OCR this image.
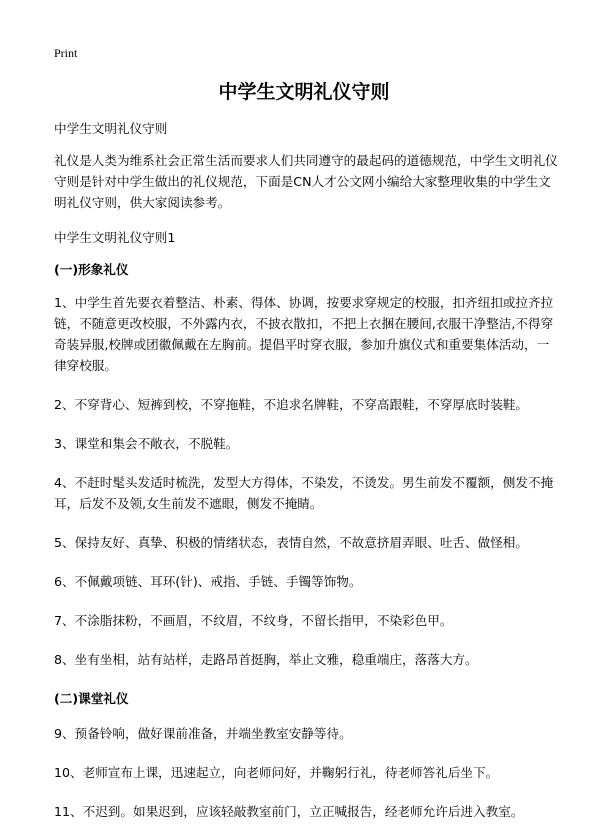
Print
中学生文明礼仪守则

中学生文明礼仪守则

礼仪是人类为维系社会正常生活而要求人们共同遵守的最起码的道德规范，中学生文明礼仪守则是针对中学生做出的礼仪规范，下面是CN人才公文网小编给大家整理收集的中学生文明礼仪守则，供大家阅读参考。

中学生文明礼仪守则1

(一)形象礼仪

1、中学生首先要衣着整洁、朴素、得体、协调，按要求穿规定的校服，扣齐纽扣或拉齐拉链，不随意更改校服，不外露内衣，不披衣散扣，不把上衣捆在腰间,衣服干净整洁,不得穿奇装异服,校牌或团徽佩戴在左胸前。提倡平时穿衣服，参加升旗仪式和重要集体活动，一律穿校服。

2、不穿背心、短裤到校，不穿拖鞋，不追求名牌鞋，不穿高跟鞋，不穿厚底时装鞋。

3、课堂和集会不敞衣，不脱鞋。

4、不赶时髦头发适时梳洗，发型大方得体，不染发，不烫发。男生前发不覆额，侧发不掩耳，后发不及领,女生前发不遮眼，侧发不掩睛。

5、保持友好、真挚、积极的情绪状态，表情自然，不故意挤眉弄眼、吐舌、做怪相。

6、不佩戴项链、耳环(针)、戒指、手链、手镯等饰物。

7、不涂脂抹粉，不画眉，不纹眉，不纹身，不留长指甲，不染彩色甲。

8、坐有坐相，站有站样，走路昂首挺胸，举止文雅，稳重端庄，落落大方。

(二)课堂礼仪

9、预备铃响，做好课前准备，并端坐教室安静等待。

10、老师宣布上课，迅速起立，向老师问好，并鞠躬行礼，待老师答礼后坐下。

11、不迟到。如果迟到，应该轻敲教室前门，立正喊报告，经老师允许后进入教室。
